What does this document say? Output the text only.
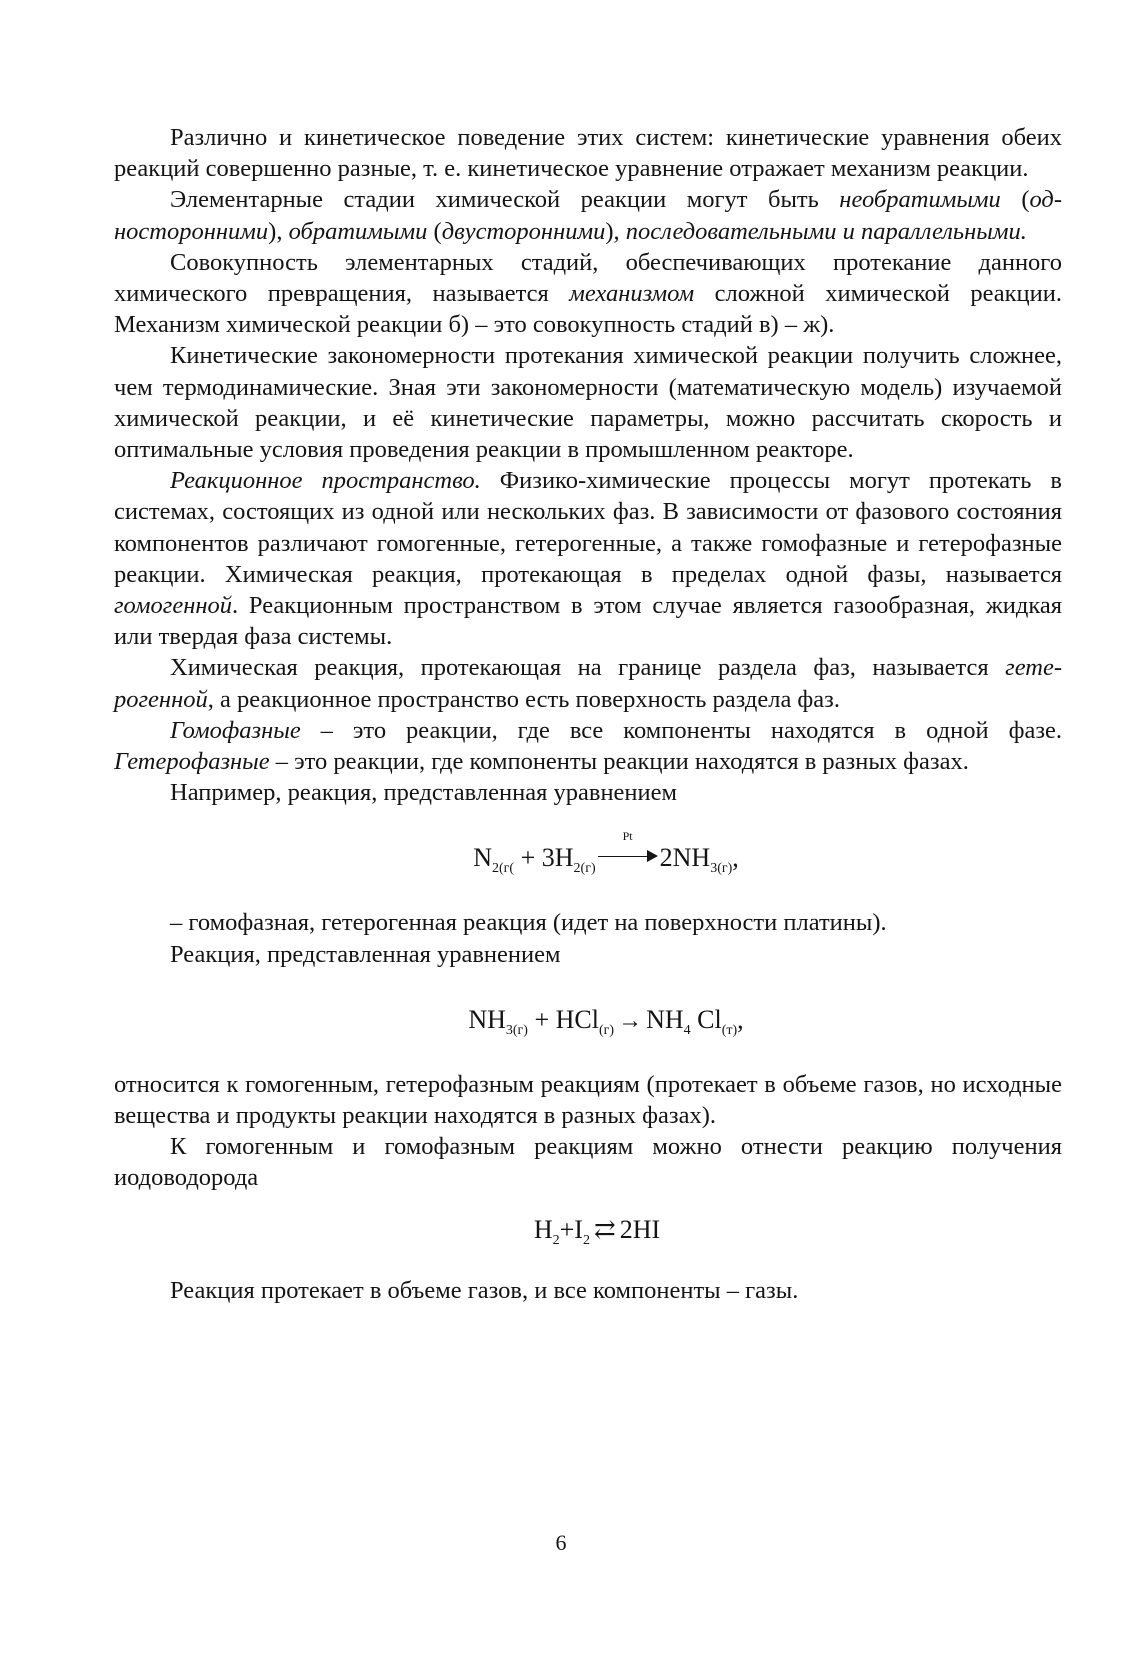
Различно и кинетическое поведение этих систем: кинетические уравнения обеих реакций совершенно разные, т. е. кинетическое уравнение отражает механизм реакции.

Элементарные стадии химической реакции могут быть необратимыми (односторонними), обратимыми (двусторонними), последовательными и параллельными.

Совокупность элементарных стадий, обеспечивающих протекание данного химического превращения, называется механизмом сложной химической реакции. Механизм химической реакции б) – это совокупность стадий в) – ж).

Кинетические закономерности протекания химической реакции получить сложнее, чем термодинамические. Зная эти закономерности (математическую модель) изучаемой химической реакции, и её кинетические параметры, можно рассчитать скорость и оптимальные условия проведения реакции в промышленном реакторе.

Реакционное пространство. Физико-химические процессы могут протекать в системах, состоящих из одной или нескольких фаз. В зависимости от фазового состояния компонентов различают гомогенные, гетерогенные, а также гомофазные и гетерофазные реакции. Химическая реакция, протекающая в пределах одной фазы, называется гомогенной. Реакционным пространством в этом случае является газообразная, жидкая или твердая фаза системы.

Химическая реакция, протекающая на границе раздела фаз, называется гетерогенной, а реакционное пространство есть поверхность раздела фаз.

Гомофазные – это реакции, где все компоненты находятся в одной фазе. Гетерофазные – это реакции, где компоненты реакции находятся в разных фазах.

Например, реакция, представленная уравнением

$N_{2(г(} + 3H_{2(г)}$
Pt
$2NH_{3(г)}$,

– гомофазная, гетерогенная реакция (идет на поверхности платины).

Реакция, представленная уравнением

$NH_{3(г)} + HCl_{(г)} \to NH_4$ $Cl_{(т)}$,

относится к гомогенным, гетерофазным реакциям (протекает в объеме газов, но исходные вещества и продукты реакции находятся в разных фазах).

К гомогенным и гомофазным реакциям можно отнести реакцию получения иодоводорода

$H_2+I_2$ ⇄ 2HI

Реакция протекает в объеме газов, и все компоненты – газы.

6
